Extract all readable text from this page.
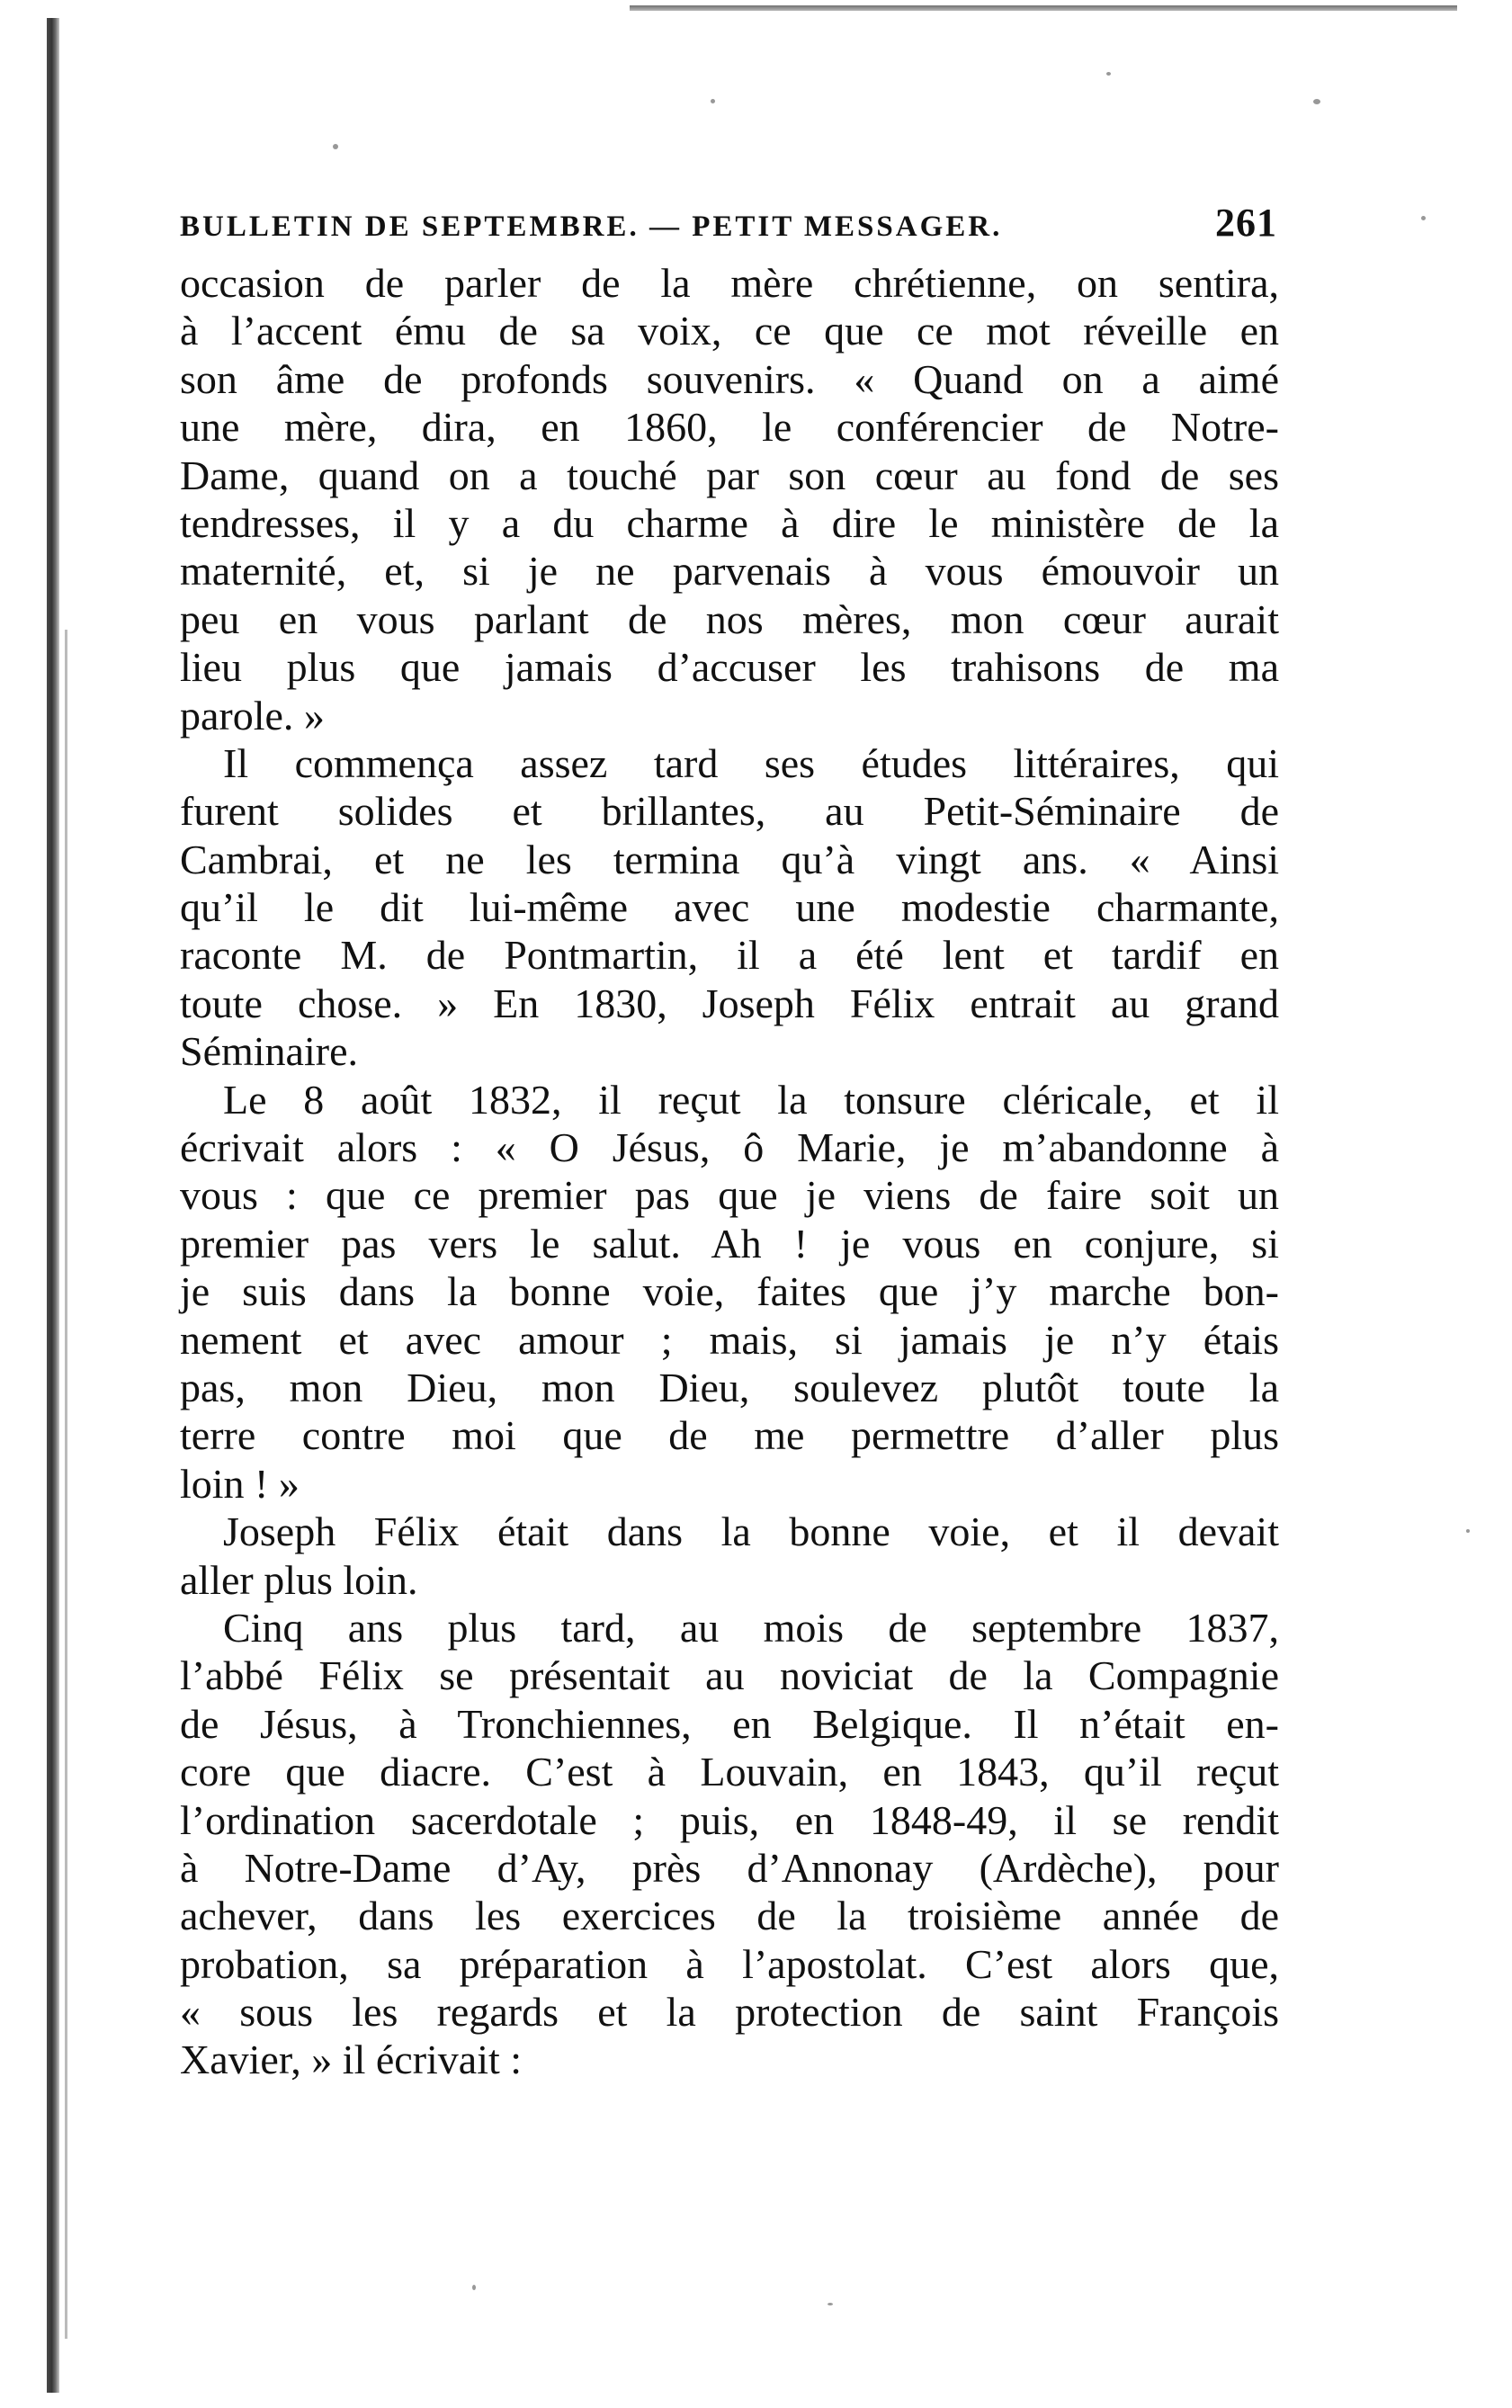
BULLETIN DE SEPTEMBRE. — PETIT MESSAGER.	261
occasion de parler de la mère chrétienne, on sentira,
à l’accent ému de sa voix, ce que ce mot réveille en
son âme de profonds souvenirs. « Quand on a aimé
une mère, dira, en 1860, le conférencier de Notre-
Dame, quand on a touché par son cœur au fond de ses
tendresses, il y a du charme à dire le ministère de la
maternité, et, si je ne parvenais à vous émouvoir un
peu en vous parlant de nos mères, mon cœur aurait
lieu plus que jamais d’accuser les trahisons de ma
parole. »
Il commença assez tard ses études littéraires, qui
furent solides et brillantes, au Petit-Séminaire de
Cambrai, et ne les termina qu’à vingt ans. « Ainsi
qu’il le dit lui-même avec une modestie charmante,
raconte M. de Pontmartin, il a été lent et tardif en
toute chose. » En 1830, Joseph Félix entrait au grand
Séminaire.
Le 8 août 1832, il reçut la tonsure cléricale, et il
écrivait alors : « O Jésus, ô Marie, je m’abandonne à
vous : que ce premier pas que je viens de faire soit un
premier pas vers le salut. Ah ! je vous en conjure, si
je suis dans la bonne voie, faites que j’y marche bon-
nement et avec amour ; mais, si jamais je n’y étais
pas, mon Dieu, mon Dieu, soulevez plutôt toute la
terre contre moi que de me permettre d’aller plus
loin ! »
Joseph Félix était dans la bonne voie, et il devait
aller plus loin.
Cinq ans plus tard, au mois de septembre 1837,
l’abbé Félix se présentait au noviciat de la Compagnie
de Jésus, à Tronchiennes, en Belgique. Il n’était en-
core que diacre. C’est à Louvain, en 1843, qu’il reçut
l’ordination sacerdotale ; puis, en 1848-49, il se rendit
à Notre-Dame d’Ay, près d’Annonay (Ardèche), pour
achever, dans les exercices de la troisième année de
probation, sa préparation à l’apostolat. C’est alors que,
« sous les regards et la protection de saint François
Xavier, » il écrivait :
